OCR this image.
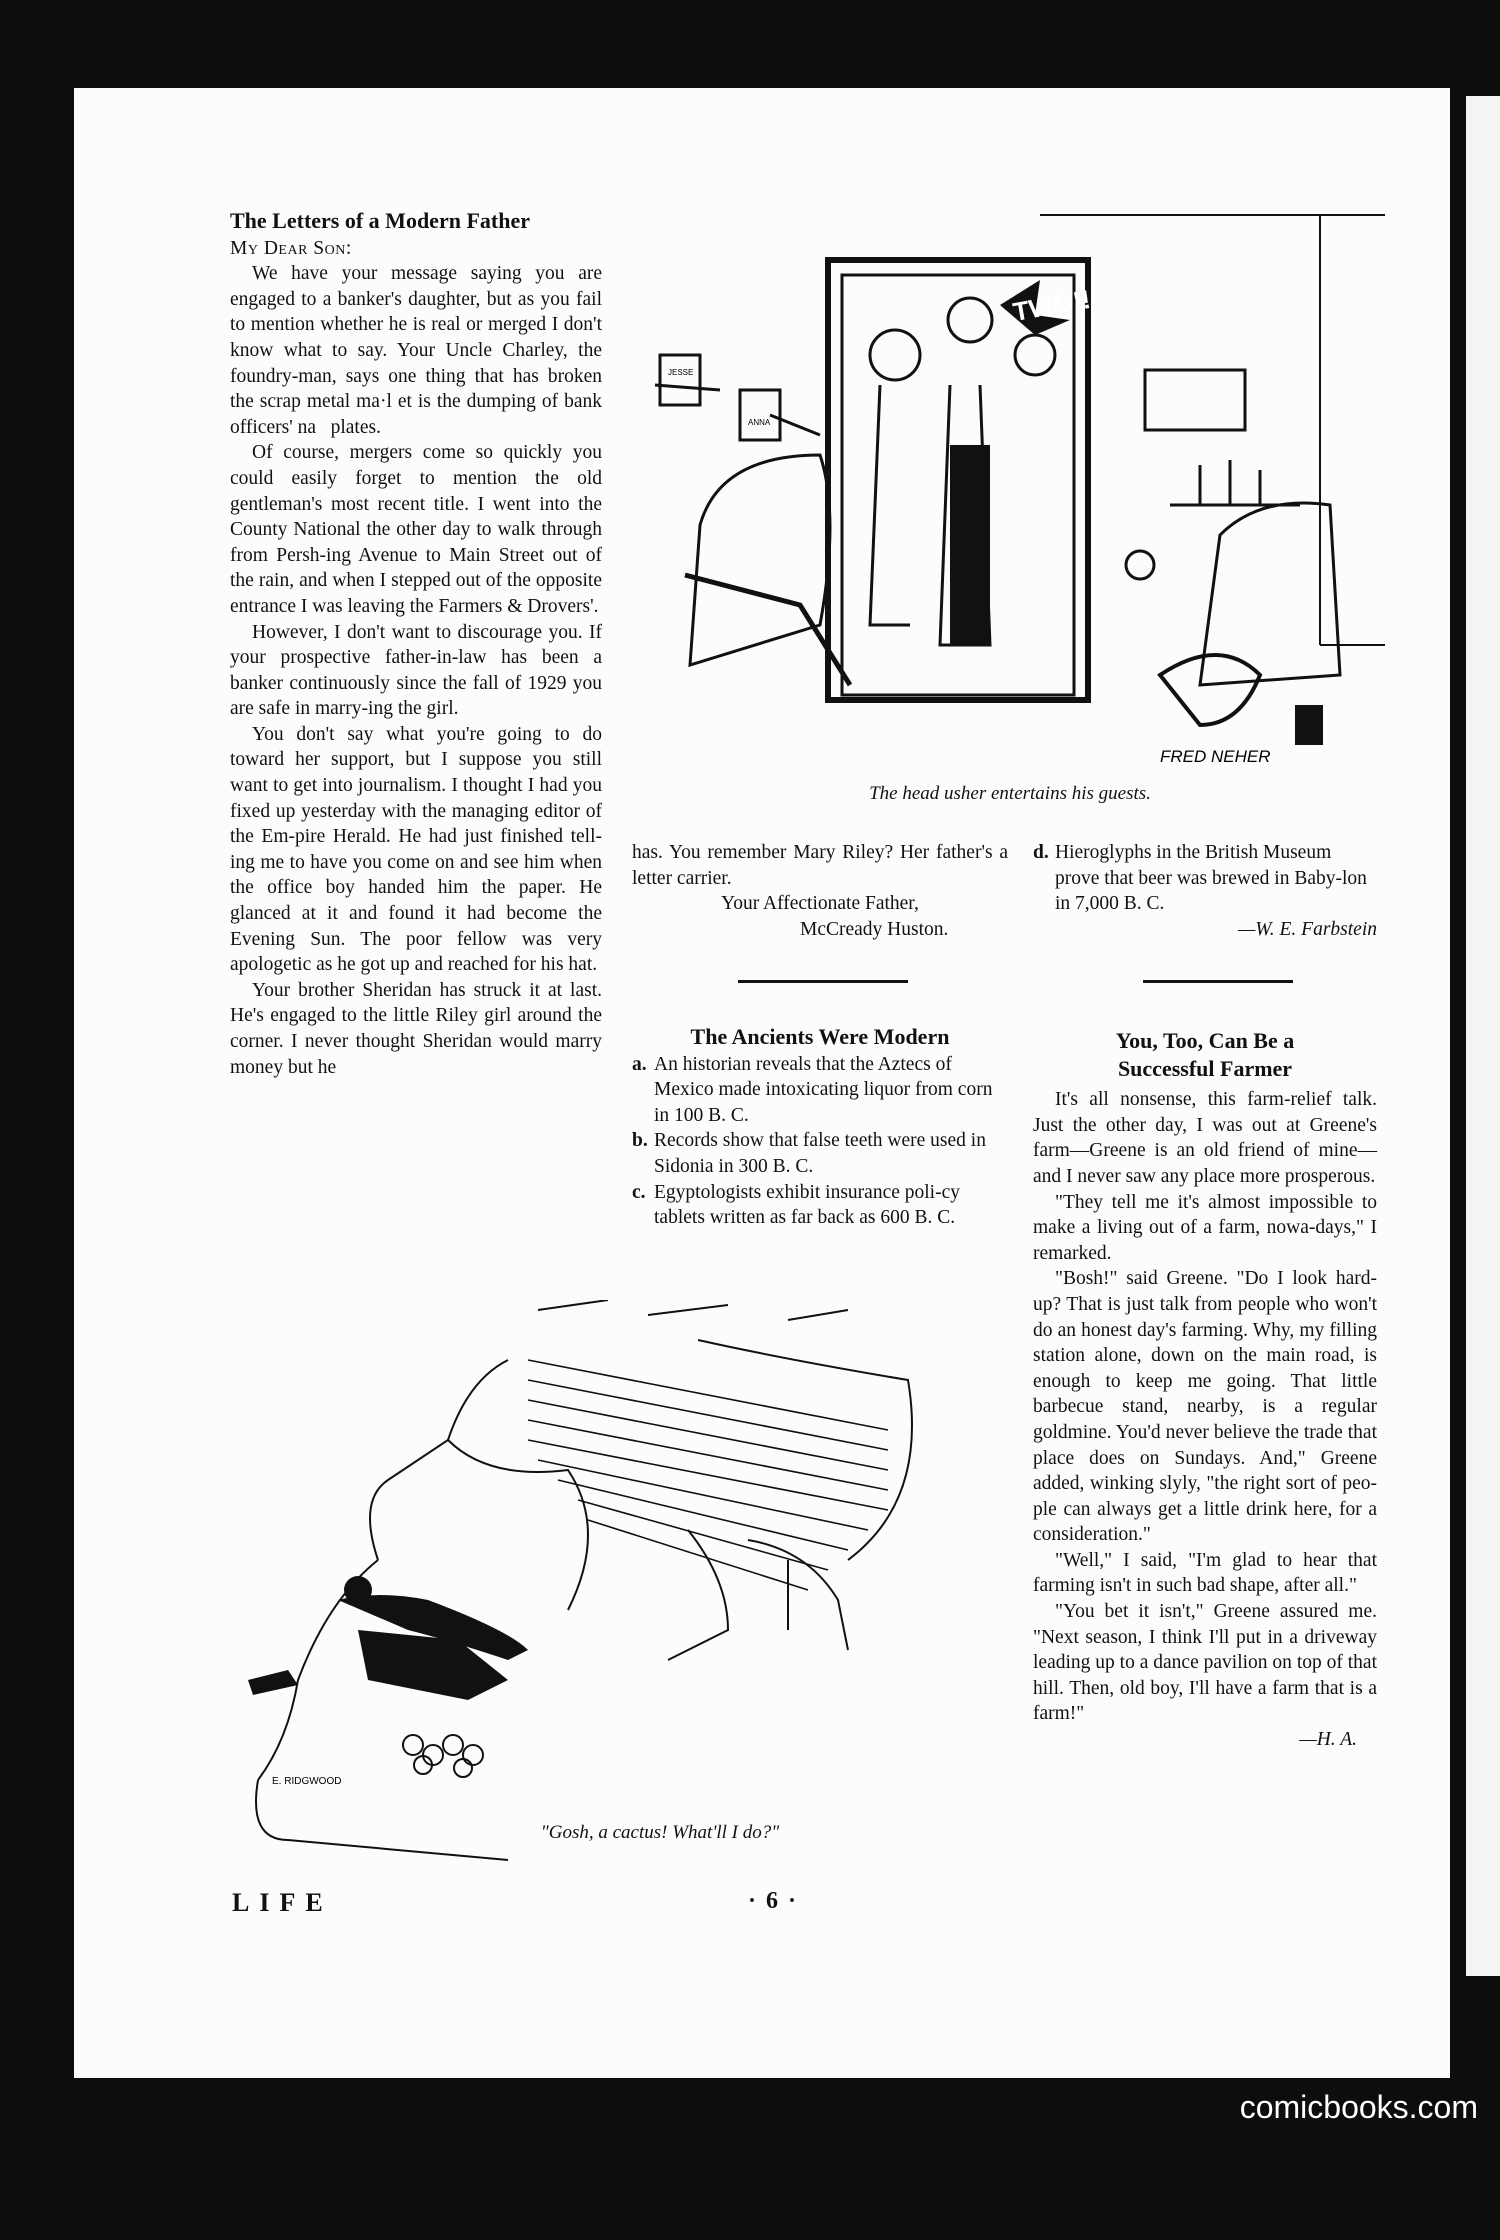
The Letters of a Modern Father

My Dear Son:

We have your message saying you are engaged to a banker's daughter, but as you fail to mention whether he is real or merged I don't know what to say. Your Uncle Charley, the foundry-man, says one thing that has broken the scrap metal ma·l et is the dumping of bank officers' na   plates.

Of course, mergers come so quickly you could easily forget to mention the old gentleman's most recent title. I went into the County National the other day to walk through from Persh-ing Avenue to Main Street out of the rain, and when I stepped out of the opposite entrance I was leaving the Farmers & Drovers'.

However, I don't want to discourage you. If your prospective father-in-law has been a banker continuously since the fall of 1929 you are safe in marry-ing the girl.

You don't say what you're going to do toward her support, but I suppose you still want to get into journalism. I thought I had you fixed up yesterday with the managing editor of the Em-pire Herald. He had just finished tell-ing me to have you come on and see him when the office boy handed him the paper. He glanced at it and found it had become the Evening Sun. The poor fellow was very apologetic as he got up and reached for his hat.

Your brother Sheridan has struck it at last. He's engaged to the little Riley girl around the corner. I never thought Sheridan would marry money but he

TWO!!
JESSE
ANNA
FRED NEHER
The head usher entertains his guests.

has. You remember Mary Riley? Her father's a letter carrier.

Your Affectionate Father,

McCready Huston.

The Ancients Were Modern
a. An historian reveals that the Aztecs of Mexico made intoxicating liquor from corn in 100 B. C.
b. Records show that false teeth were used in Sidonia in 300 B. C.
c. Egyptologists exhibit insurance poli-cy tablets written as far back as 600 B. C.
d. Hieroglyphs in the British Museum prove that beer was brewed in Baby-lon in 7,000 B. C.

—W. E. Farbstein

You, Too, Can Be a
Successful Farmer

It's all nonsense, this farm-relief talk. Just the other day, I was out at Greene's farm—Greene is an old friend of mine—and I never saw any place more prosperous.

"They tell me it's almost impossible to make a living out of a farm, nowa-days," I remarked.

"Bosh!" said Greene. "Do I look hard-up? That is just talk from people who won't do an honest day's farming. Why, my filling station alone, down on the main road, is enough to keep me going. That little barbecue stand, nearby, is a regular goldmine. You'd never believe the trade that place does on Sundays. And," Greene added, winking slyly, "the right sort of peo-ple can always get a little drink here, for a consideration."

"Well," I said, "I'm glad to hear that farming isn't in such bad shape, after all."

"You bet it isn't," Greene assured me. "Next season, I think I'll put in a driveway leading up to a dance pavilion on top of that hill. Then, old boy, I'll have a farm that is a farm!"

—H. A.

E. RIDGWOOD
"Gosh, a cactus! What'll I do?"
LIFE	· 6 ·
comicbooks.com
